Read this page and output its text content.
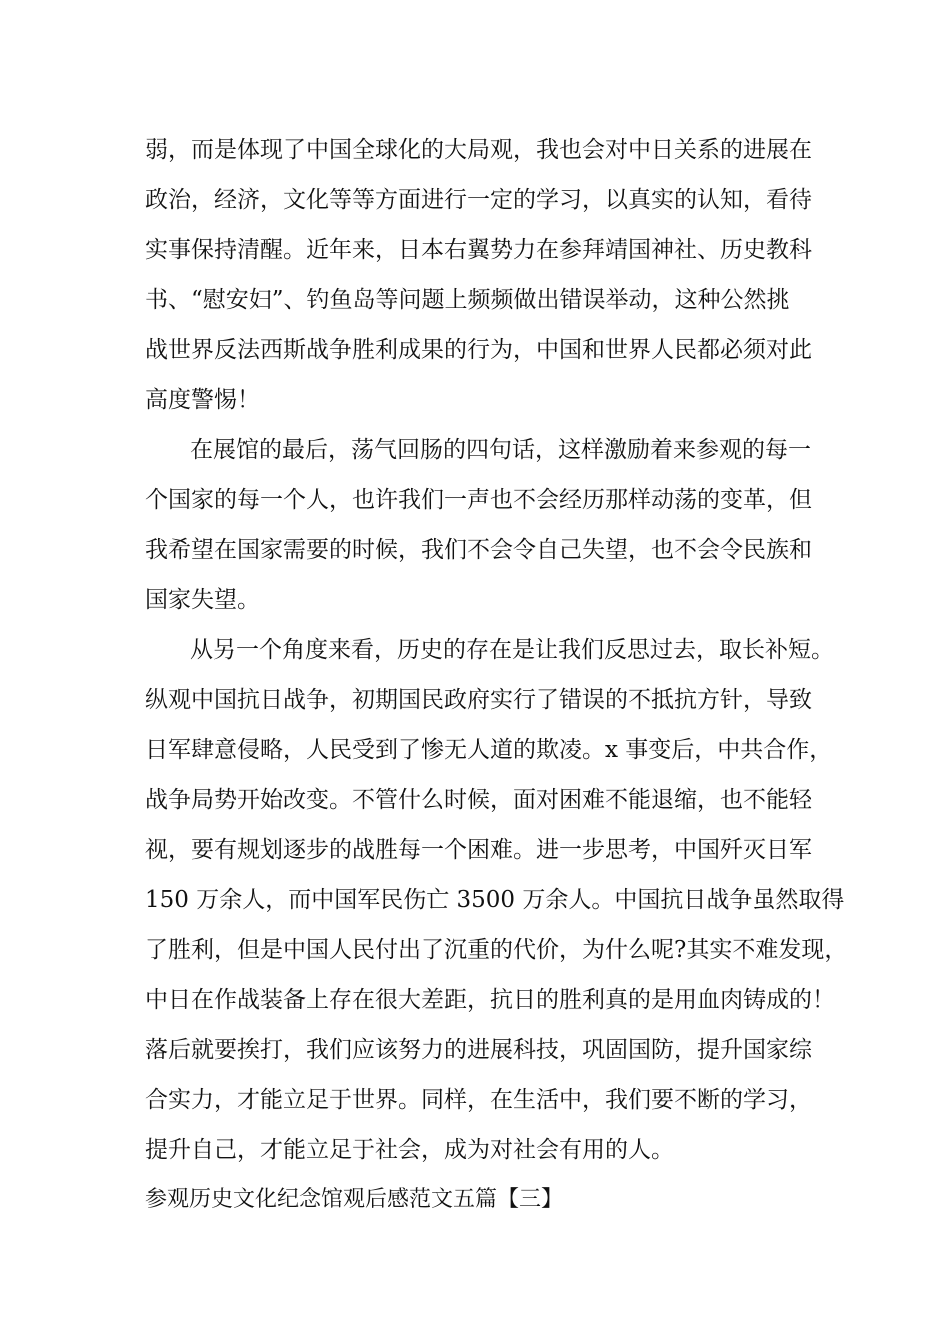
弱，而是体现了中国全球化的大局观，我也会对中日关系的进展在
政治，经济，文化等等方面进行一定的学习，以真实的认知，看待
实事保持清醒。近年来，日本右翼势力在参拜靖国神社、历史教科
书、“慰安妇”、钓鱼岛等问题上频频做出错误举动，这种公然挑
战世界反法西斯战争胜利成果的行为，中国和世界人民都必须对此
高度警惕！
在展馆的最后，荡气回肠的四句话，这样激励着来参观的每一
个国家的每一个人，也许我们一声也不会经历那样动荡的变革，但
我希望在国家需要的时候，我们不会令自己失望，也不会令民族和
国家失望。
从另一个角度来看，历史的存在是让我们反思过去，取长补短。
纵观中国抗日战争，初期国民政府实行了错误的不抵抗方针，导致
日军肆意侵略，人民受到了惨无人道的欺凌。x 事变后，中共合作，
战争局势开始改变。不管什么时候，面对困难不能退缩，也不能轻
视，要有规划逐步的战胜每一个困难。进一步思考，中国歼灭日军
150 万余人，而中国军民伤亡 3500 万余人。中国抗日战争虽然取得
了胜利，但是中国人民付出了沉重的代价，为什么呢?其实不难发现，
中日在作战装备上存在很大差距，抗日的胜利真的是用血肉铸成的！
落后就要挨打，我们应该努力的进展科技，巩固国防，提升国家综
合实力，才能立足于世界。同样，在生活中，我们要不断的学习，
提升自己，才能立足于社会，成为对社会有用的人。
参观历史文化纪念馆观后感范文五篇【三】
